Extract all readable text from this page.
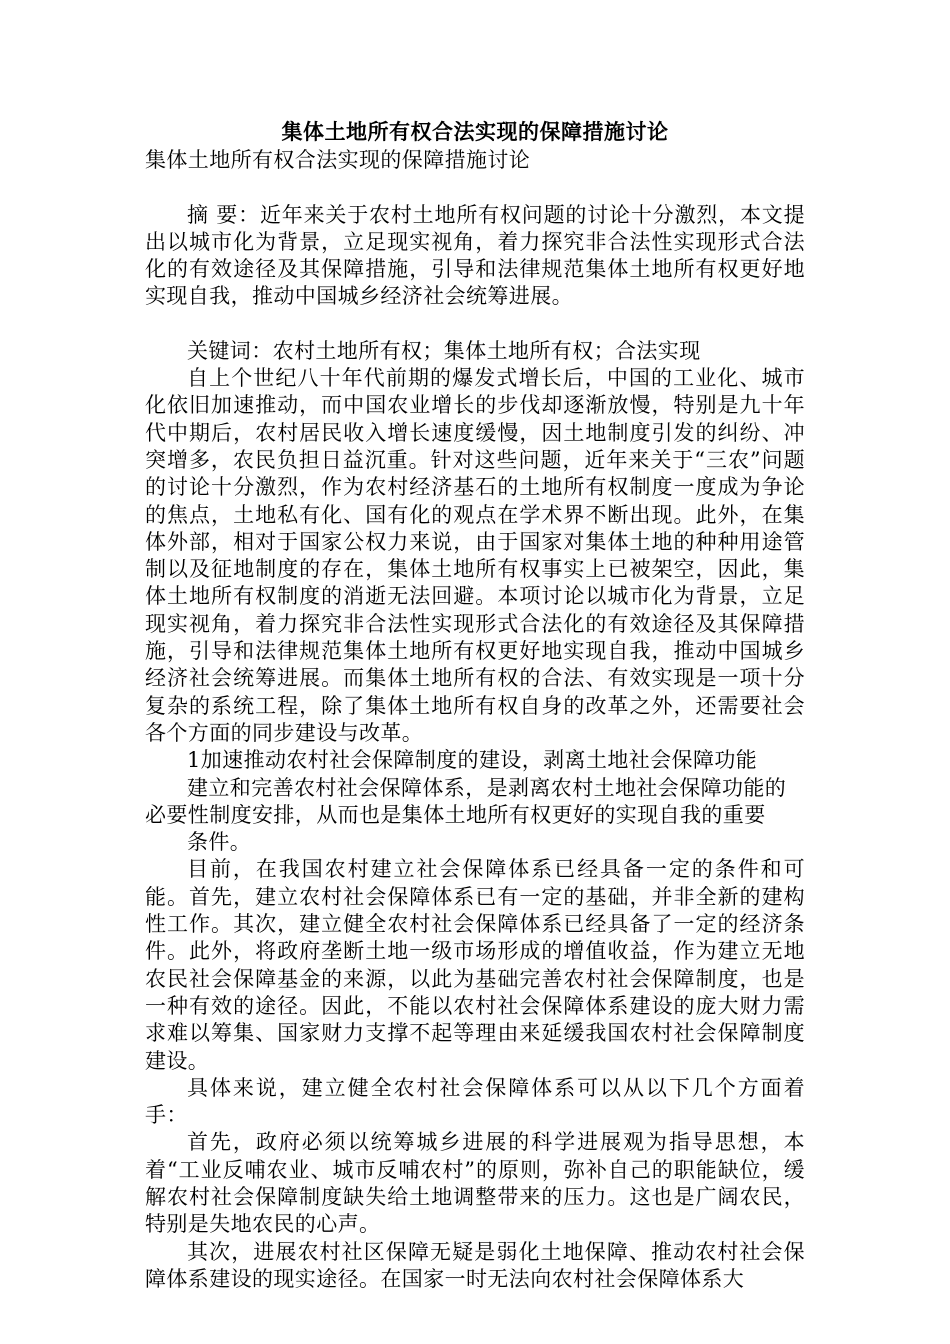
集体土地所有权合法实现的保障措施讨论
集体土地所有权合法实现的保障措施讨论

摘 要：近年来关于农村土地所有权问题的讨论十分激烈，本文提出以城市化为背景，立足现实视角，着力探究非合法性实现形式合法化的有效途径及其保障措施，引导和法律规范集体土地所有权更好地实现自我，推动中国城乡经济社会统筹进展。

关键词：农村土地所有权；集体土地所有权；合法实现

自上个世纪八十年代前期的爆发式增长后，中国的工业化、城市化依旧加速推动，而中国农业增长的步伐却逐渐放慢，特别是九十年代中期后，农村居民收入增长速度缓慢，因土地制度引发的纠纷、冲突增多，农民负担日益沉重。针对这些问题，近年来关于“三农”问题的讨论十分激烈，作为农村经济基石的土地所有权制度一度成为争论的焦点，土地私有化、国有化的观点在学术界不断出现。此外，在集体外部，相对于国家公权力来说，由于国家对集体土地的种种用途管制以及征地制度的存在，集体土地所有权事实上已被架空，因此，集体土地所有权制度的消逝无法回避。本项讨论以城市化为背景，立足现实视角，着力探究非合法性实现形式合法化的有效途径及其保障措施，引导和法律规范集体土地所有权更好地实现自我，推动中国城乡经济社会统筹进展。而集体土地所有权的合法、有效实现是一项十分复杂的系统工程，除了集体土地所有权自身的改革之外，还需要社会各个方面的同步建设与改革。

1加速推动农村社会保障制度的建设，剥离土地社会保障功能

建立和完善农村社会保障体系，是剥离农村土地社会保障功能的必要性制度安排，从而也是集体土地所有权更好的实现自我的重要

条件。

目前，在我国农村建立社会保障体系已经具备一定的条件和可能。首先，建立农村社会保障体系已有一定的基础，并非全新的建构性工作。其次，建立健全农村社会保障体系已经具备了一定的经济条件。此外，将政府垄断土地一级市场形成的增值收益，作为建立无地农民社会保障基金的来源，以此为基础完善农村社会保障制度，也是一种有效的途径。因此，不能以农村社会保障体系建设的庞大财力需求难以筹集、国家财力支撑不起等理由来延缓我国农村社会保障制度建设。

具体来说，建立健全农村社会保障体系可以从以下几个方面着手：

首先，政府必须以统筹城乡进展的科学进展观为指导思想，本着“工业反哺农业、城市反哺农村”的原则，弥补自己的职能缺位，缓解农村社会保障制度缺失给土地调整带来的压力。这也是广阔农民，特别是失地农民的心声。

其次，进展农村社区保障无疑是弱化土地保障、推动农村社会保障体系建设的现实途径。在国家一时无法向农村社会保障体系大
